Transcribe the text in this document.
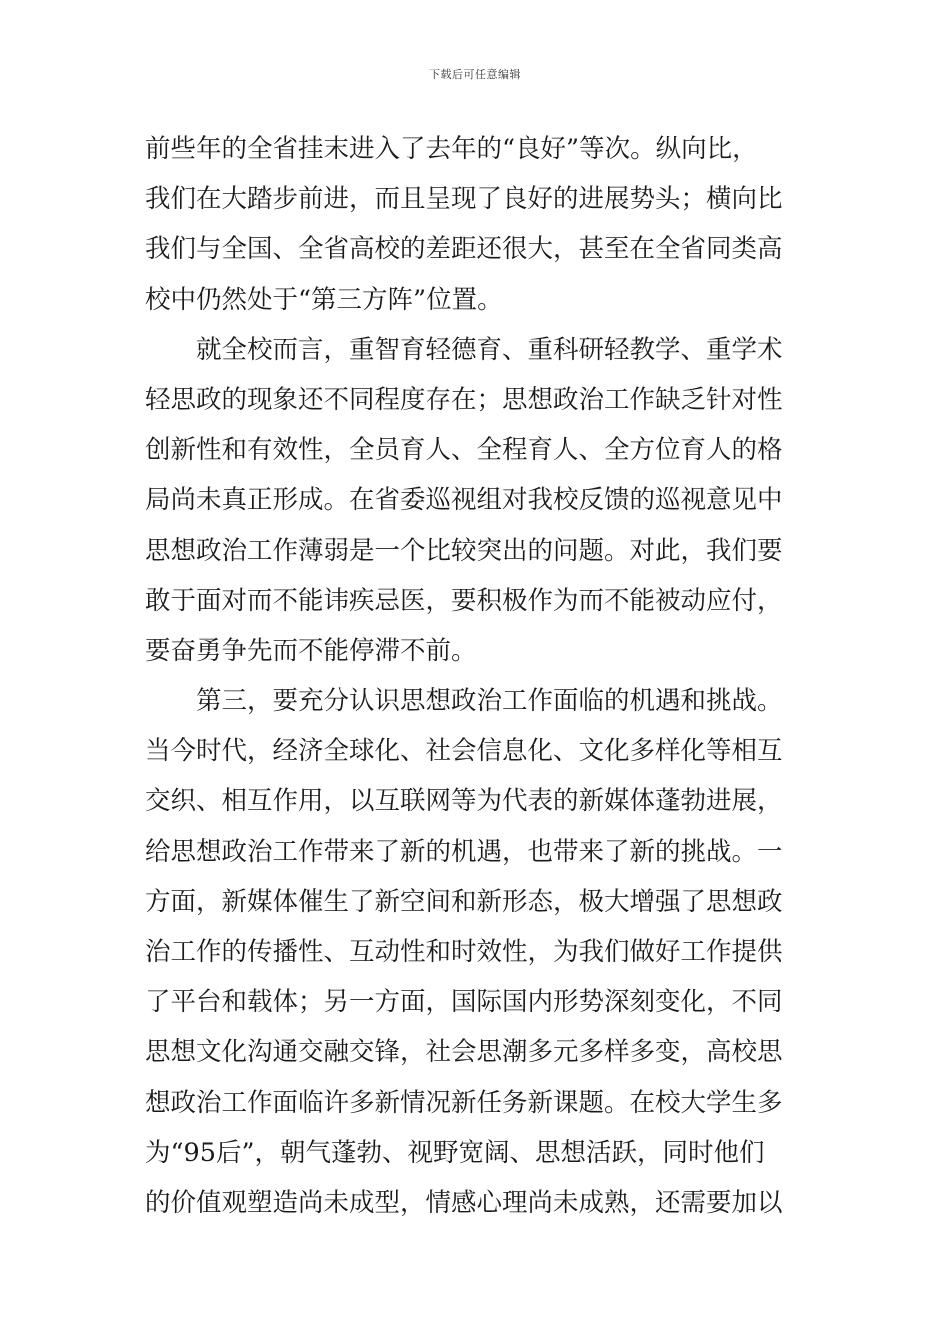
下载后可任意编辑
前些年的全省挂末进入了去年的“良好”等次。纵向比，
我们在大踏步前进，而且呈现了良好的进展势头；横向比
我们与全国、全省高校的差距还很大，甚至在全省同类高
校中仍然处于“第三方阵”位置。
就全校而言，重智育轻德育、重科研轻教学、重学术
轻思政的现象还不同程度存在；思想政治工作缺乏针对性
创新性和有效性，全员育人、全程育人、全方位育人的格
局尚未真正形成。在省委巡视组对我校反馈的巡视意见中
思想政治工作薄弱是一个比较突出的问题。对此，我们要
敢于面对而不能讳疾忌医，要积极作为而不能被动应付，
要奋勇争先而不能停滞不前。
第三，要充分认识思想政治工作面临的机遇和挑战。
当今时代，经济全球化、社会信息化、文化多样化等相互
交织、相互作用，以互联网等为代表的新媒体蓬勃进展，
给思想政治工作带来了新的机遇，也带来了新的挑战。一
方面，新媒体催生了新空间和新形态，极大增强了思想政
治工作的传播性、互动性和时效性，为我们做好工作提供
了平台和载体；另一方面，国际国内形势深刻变化，不同
思想文化沟通交融交锋，社会思潮多元多样多变，高校思
想政治工作面临许多新情况新任务新课题。在校大学生多
为“95后”，朝气蓬勃、视野宽阔、思想活跃，同时他们
的价值观塑造尚未成型，情感心理尚未成熟，还需要加以
